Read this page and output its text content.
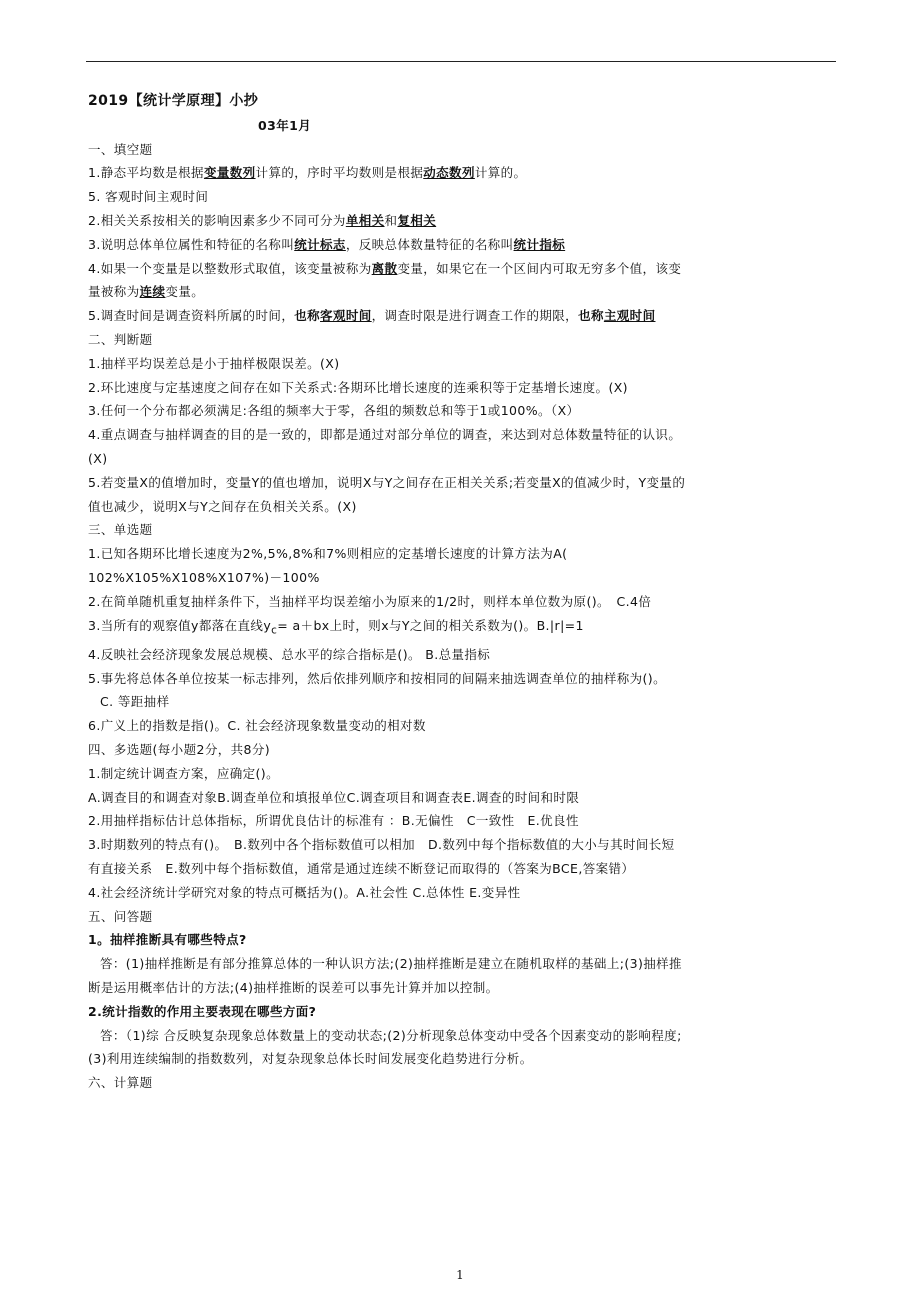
2019【统计学原理】小抄
03年1月
一、填空题
1.静态平均数是根据变量数列计算的，序时平均数则是根据动态数列计算的。
5. 客观时间主观时间
2.相关关系按相关的影响因素多少不同可分为单相关和复相关
3.说明总体单位属性和特征的名称叫统计标志，反映总体数量特征的名称叫统计指标
4.如果一个变量是以整数形式取值，该变量被称为离散变量，如果它在一个区间内可取无穷多个值，该变
量被称为连续变量。
5.调查时间是调查资料所属的时间，也称客观时间，调查时限是进行调查工作的期限，也称主观时间
二、判断题
1.抽样平均误差总是小于抽样极限误差。(X)
2.环比速度与定基速度之间存在如下关系式:各期环比增长速度的连乘积等于定基增长速度。(X)
3.任何一个分布都必须满足:各组的频率大于零，各组的频数总和等于1或100%。（X）
4.重点调查与抽样调查的目的是一致的，即都是通过对部分单位的调查，来达到对总体数量特征的认识。
(X)
5.若变量X的值增加时，变量Y的值也增加，说明X与Y之间存在正相关关系;若变量X的值减少时，Y变量的
值也减少，说明X与Y之间存在负相关关系。(X)
三、单选题
1.已知各期环比增长速度为2%,5%,8%和7%则相应的定基增长速度的计算方法为A(
102%X105%X108%X107%)－100%
2.在简单随机重复抽样条件下，当抽样平均误差缩小为原来的1/2时，则样本单位数为原()。　C.4倍
3.当所有的观察值y都落在直线$y_c= a+bx$上时，则x与Y之间的相关系数为()。B.|r|=1
4.反映社会经济现象发展总规模、总水平的综合指标是()。 B.总量指标
5.事先将总体各单位按某一标志排列，然后依排列顺序和按相同的间隔来抽选调查单位的抽样称为()。
C. 等距抽样
6.广义上的指数是指()。C. 社会经济现象数量变动的相对数
四、多选题(每小题2分，共8分)
1.制定统计调查方案，应确定()。
A.调查目的和调查对象B.调查单位和填报单位C.调查项目和调查表E.调查的时间和时限
2.用抽样指标估计总体指标，所谓优良估计的标准有 ：B.无偏性　C一致性　E.优良性
3.时期数列的特点有()。　B.数列中各个指标数值可以相加　D.数列中每个指标数值的大小与其时间长短
有直接关系　E.数列中每个指标数值，通常是通过连续不断登记而取得的（答案为BCE,答案错）
4.社会经济统计学研究对象的特点可概括为()。A.社会性 C.总体性 E.变异性
五、问答题
1。抽样推断具有哪些特点?
答：(1)抽样推断是有部分推算总体的一种认识方法;(2)抽样推断是建立在随机取样的基础上;(3)抽样推
断是运用概率估计的方法;(4)抽样推断的误差可以事先计算并加以控制。
2.统计指数的作用主要表现在哪些方面?
答：（1)综 合反映复杂现象总体数量上的变动状态;(2)分析现象总体变动中受各个因素变动的影响程度;
(3)利用连续编制的指数数列，对复杂现象总体长时间发展变化趋势进行分析。
六、计算题
1
